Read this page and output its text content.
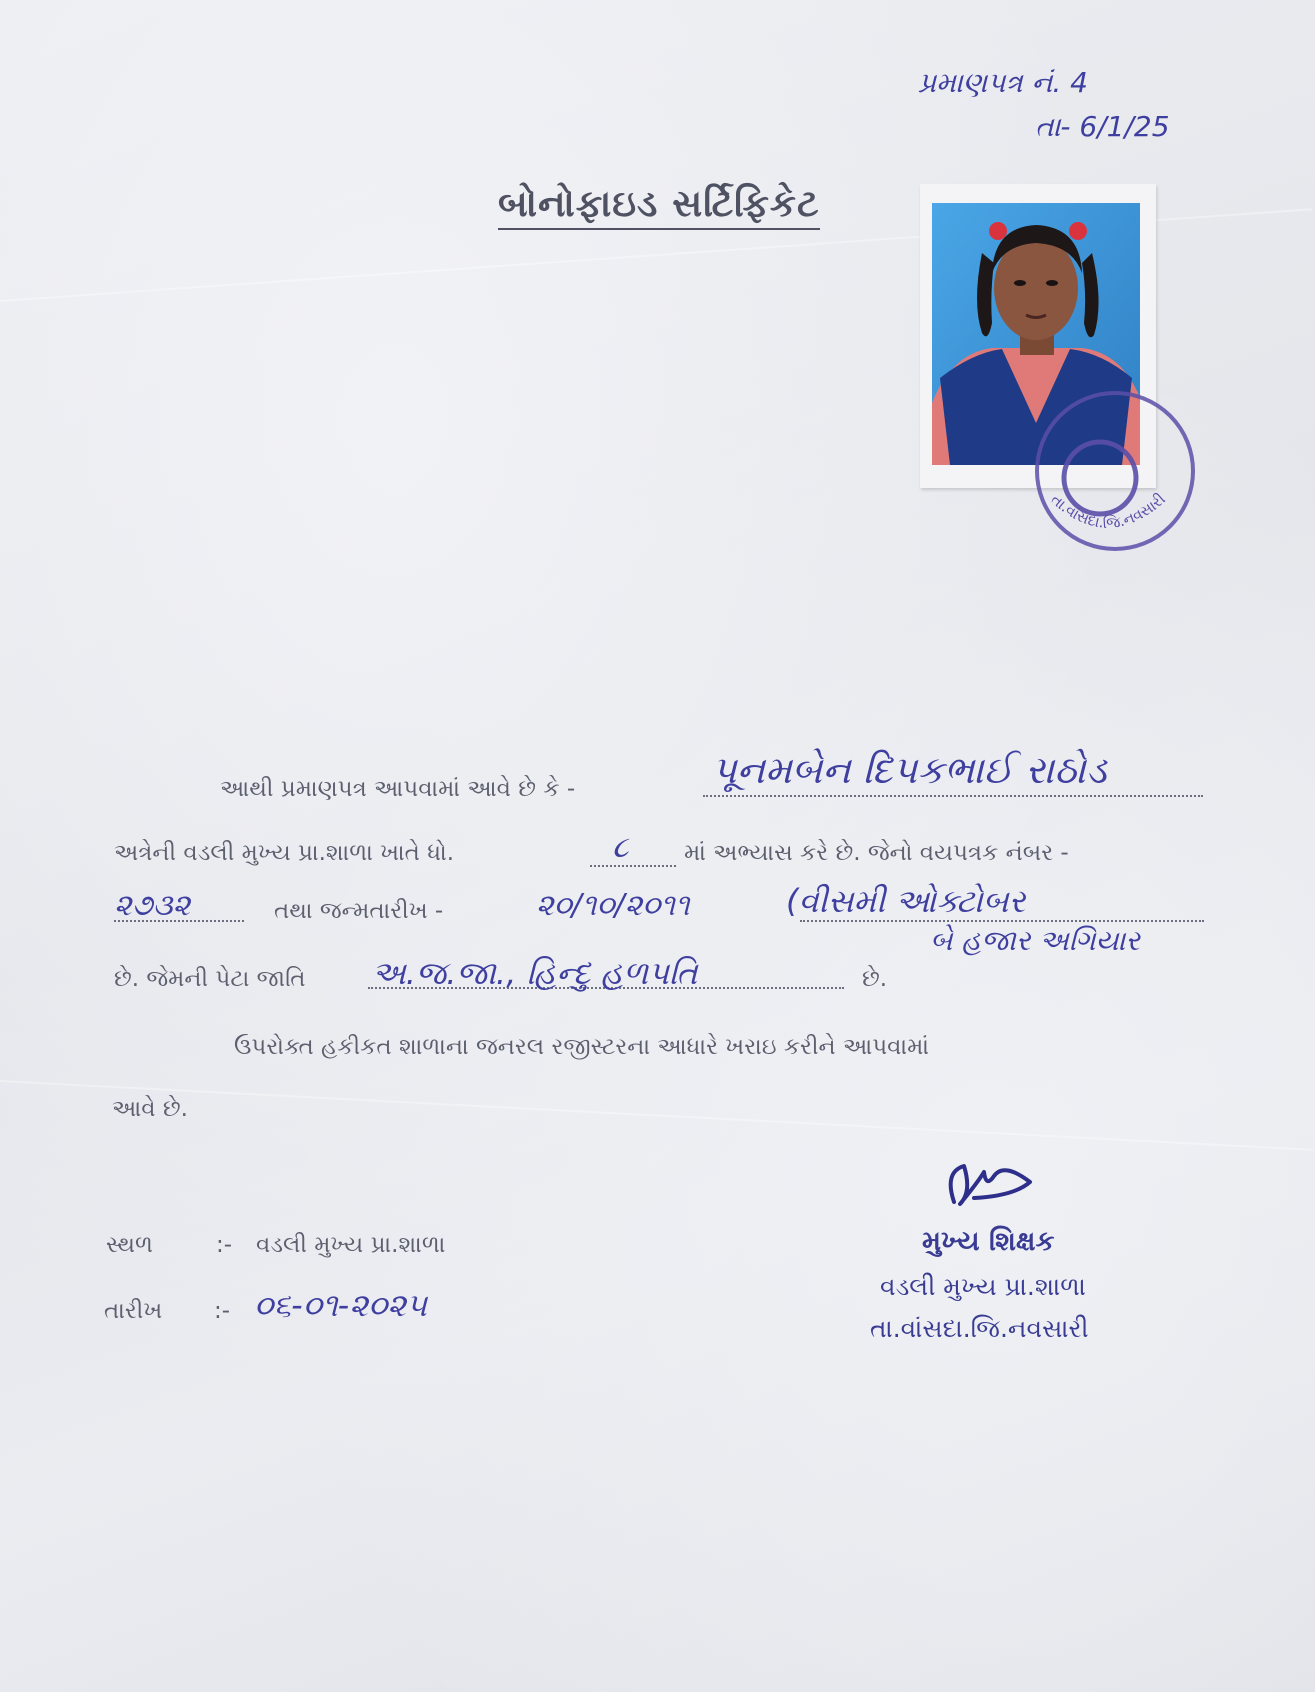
પ્રમાણપત્ર નં. 4
તા- 6/1/25
બોનોફાઇડ સર્ટિફિકેટ
તા.વાંસદા.જિ.નવસારી
આથી પ્રમાણપત્ર આપવામાં આવે છે કે -	પૂનમબેન દિપકભાઈ રાઠોડ
અત્રેની વડલી મુખ્ય પ્રા.શાળા ખાતે ધો.	૮ માં અભ્યાસ કરે છે. જેનો વયપત્રક નંબર -
૨૭૩૨	તથા જન્મતારીખ -	૨૦/૧૦/૨૦૧૧	(વીસમી ઓક્ટોબર
બે હજાર અગિયાર
છે. જેમની પેટા જાતિ અ.જ.જા., હિન્દુ હળપતિ	છે.
ઉપરોક્ત હકીકત શાળાના જનરલ રજીસ્ટરના આધારે ખરાઇ કરીને આપવામાં
આવે છે.
સ્થળ	:- વડલી મુખ્ય પ્રા.શાળા
તારીખ :- ૦૬-૦૧-૨૦૨૫
મુખ્ય શિક્ષક
વડલી મુખ્ય પ્રા.શાળા
તા.વાંસદા.જિ.નવસારી
